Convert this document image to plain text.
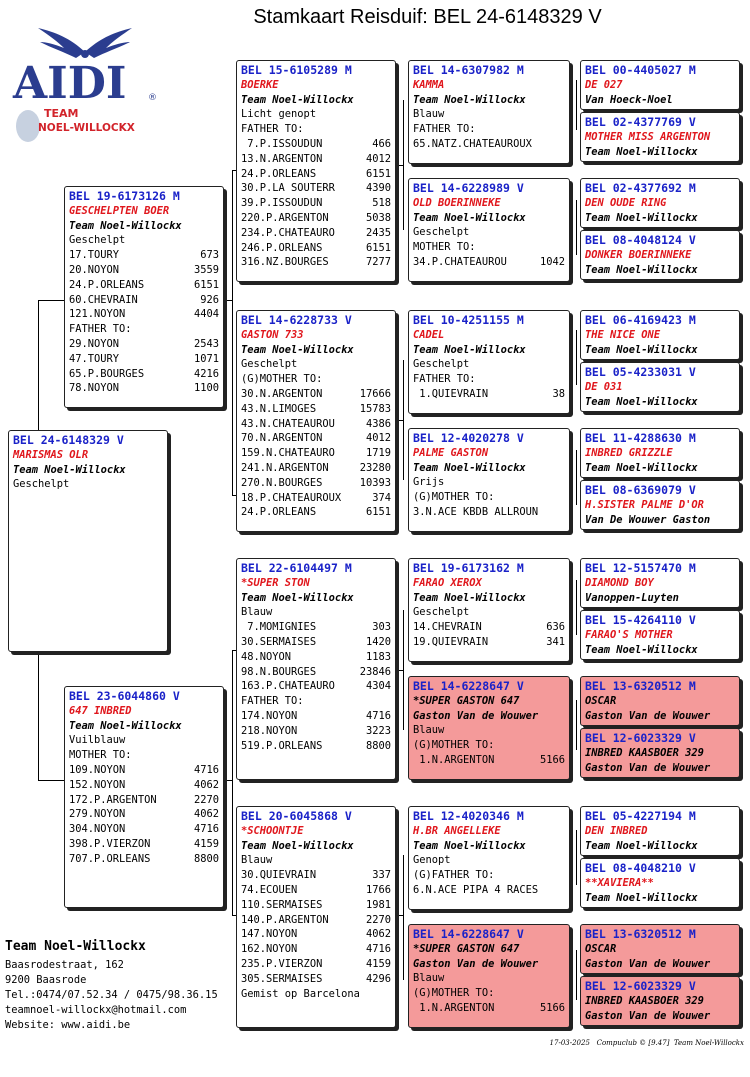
Stamkaart Reisduif: BEL 24-6148329 V
AIDI ®
TEAM
NOEL-WILLOCKX
BEL 24-6148329 V
MARISMAS OLR
Team Noel-Willockx
Geschelpt
BEL 19-6173126 M
GESCHELPTEN BOER
Team Noel-Willockx
Geschelpt
17.TOURY	673
20.NOYON	3559
24.P.ORLEANS	6151
60.CHEVRAIN	926
121.NOYON	4404
FATHER TO:
29.NOYON	2543
47.TOURY	1071
65.P.BOURGES	4216
78.NOYON	1100
BEL 23-6044860 V
647 INBRED
Team Noel-Willockx
Vuilblauw
MOTHER TO:
109.NOYON	4716
152.NOYON	4062
172.P.ARGENTON	2270
279.NOYON	4062
304.NOYON	4716
398.P.VIERZON	4159
707.P.ORLEANS	8800
BEL 15-6105289 M
BOERKE
Team Noel-Willockx
Licht genopt
FATHER TO:
7.P.ISSOUDUN	466
13.N.ARGENTON	4012
24.P.ORLEANS	6151
30.P.LA SOUTERR	4390
39.P.ISSOUDUN	518
220.P.ARGENTON	5038
234.P.CHATEAURO	2435
246.P.ORLEANS	6151
316.NZ.BOURGES	7277
BEL 14-6228733 V
GASTON 733
Team Noel-Willockx
Geschelpt
(G)MOTHER TO:
30.N.ARGENTON	17666
43.N.LIMOGES	15783
43.N.CHATEAUROU	4386
70.N.ARGENTON	4012
159.N.CHATEAURO	1719
241.N.ARGENTON	23280
270.N.BOURGES	10393
18.P.CHATEAUROUX	374
24.P.ORLEANS	6151
BEL 22-6104497 M
*SUPER STON
Team Noel-Willockx
Blauw
7.MOMIGNIES	303
30.SERMAISES	1420
48.NOYON	1183
98.N.BOURGES	23846
163.P.CHATEAURO	4304
FATHER TO:
174.NOYON	4716
218.NOYON	3223
519.P.ORLEANS	8800
BEL 20-6045868 V
*SCHOONTJE
Team Noel-Willockx
Blauw
30.QUIEVRAIN	337
74.ECOUEN	1766
110.SERMAISES	1981
140.P.ARGENTON	2270
147.NOYON	4062
162.NOYON	4716
235.P.VIERZON	4159
305.SERMAISES	4296
Gemist op Barcelona
BEL 14-6307982 M
KAMMA
Team Noel-Willockx
Blauw
FATHER TO:
65.NATZ.CHATEAUROUX
BEL 14-6228989 V
OLD BOERINNEKE
Team Noel-Willockx
Geschelpt
MOTHER TO:
34.P.CHATEAUROU	1042
BEL 10-4251155 M
CADEL
Team Noel-Willockx
Geschelpt
FATHER TO:
1.QUIEVRAIN	38
BEL 12-4020278 V
PALME GASTON
Team Noel-Willockx
Grijs
(G)MOTHER TO:
3.N.ACE KBDB ALLROUN
BEL 19-6173162 M
FARAO XEROX
Team Noel-Willockx
Geschelpt
14.CHEVRAIN	636
19.QUIEVRAIN	341
BEL 14-6228647 V
*SUPER GASTON 647
Gaston Van de Wouwer
Blauw
(G)MOTHER TO:
1.N.ARGENTON	5166
BEL 12-4020346 M
H.BR ANGELLEKE
Team Noel-Willockx
Genopt
(G)FATHER TO:
6.N.ACE PIPA 4 RACES
BEL 14-6228647 V
*SUPER GASTON 647
Gaston Van de Wouwer
Blauw
(G)MOTHER TO:
1.N.ARGENTON	5166
BEL 00-4405027 M
DE 027
Van Hoeck-Noel
BEL 02-4377769 V
MOTHER MISS ARGENTON
Team Noel-Willockx
BEL 02-4377692 M
DEN OUDE RING
Team Noel-Willockx
BEL 08-4048124 V
DONKER BOERINNEKE
Team Noel-Willockx
BEL 06-4169423 M
THE NICE ONE
Team Noel-Willockx
BEL 05-4233031 V
DE 031
Team Noel-Willockx
BEL 11-4288630 M
INBRED GRIZZLE
Team Noel-Willockx
BEL 08-6369079 V
H.SISTER PALME D'OR
Van De Wouwer Gaston
BEL 12-5157470 M
DIAMOND BOY
Vanoppen-Luyten
BEL 15-4264110 V
FARAO'S MOTHER
Team Noel-Willockx
BEL 13-6320512 M
OSCAR
Gaston Van de Wouwer
BEL 12-6023329 V
INBRED KAASBOER 329
Gaston Van de Wouwer
BEL 05-4227194 M
DEN INBRED
Team Noel-Willockx
BEL 08-4048210 V
**XAVIERA**
Team Noel-Willockx
BEL 13-6320512 M
OSCAR
Gaston Van de Wouwer
BEL 12-6023329 V
INBRED KAASBOER 329
Gaston Van de Wouwer
Team Noel-Willockx
Baasrodestraat, 162
9200 Baasrode
Tel.:0474/07.52.34 / 0475/98.36.15
teamnoel-willockx@hotmail.com
Website: www.aidi.be
17-03-2025   Compuclub © [9.47]  Team Noel-Willockx
